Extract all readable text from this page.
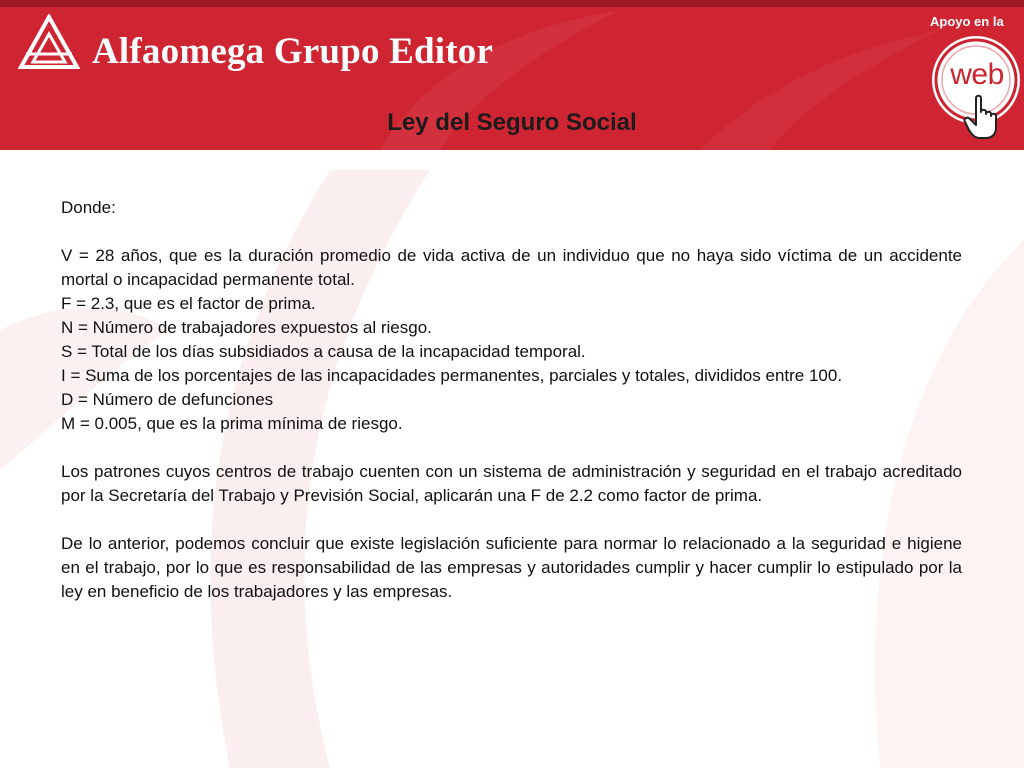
Alfaomega Grupo Editor
Apoyo en la
web
Ley del Seguro Social

Donde:

V = 28 años, que es la duración promedio de vida activa de un individuo que no haya sido víctima de un accidente mortal o incapacidad permanente total.

F = 2.3, que es el factor de prima.

N = Número de trabajadores expuestos al riesgo.

S = Total de los días subsidiados a causa de la incapacidad temporal.

I = Suma de los porcentajes de las incapacidades permanentes, parciales y totales, divididos entre 100.

D = Número de defunciones

M = 0.005, que es la prima mínima de riesgo.

Los patrones cuyos centros de trabajo cuenten con un sistema de administración y seguridad en el trabajo acreditado por la Secretaría del Trabajo y Previsión Social, aplicarán una F de 2.2 como factor de prima.

De lo anterior, podemos concluir que existe legislación suficiente para normar lo relacionado a la seguridad e higiene en el trabajo, por lo que es responsabilidad de las empresas y autoridades cumplir y hacer cumplir lo estipulado por la ley en beneficio de los trabajadores y las empresas.
